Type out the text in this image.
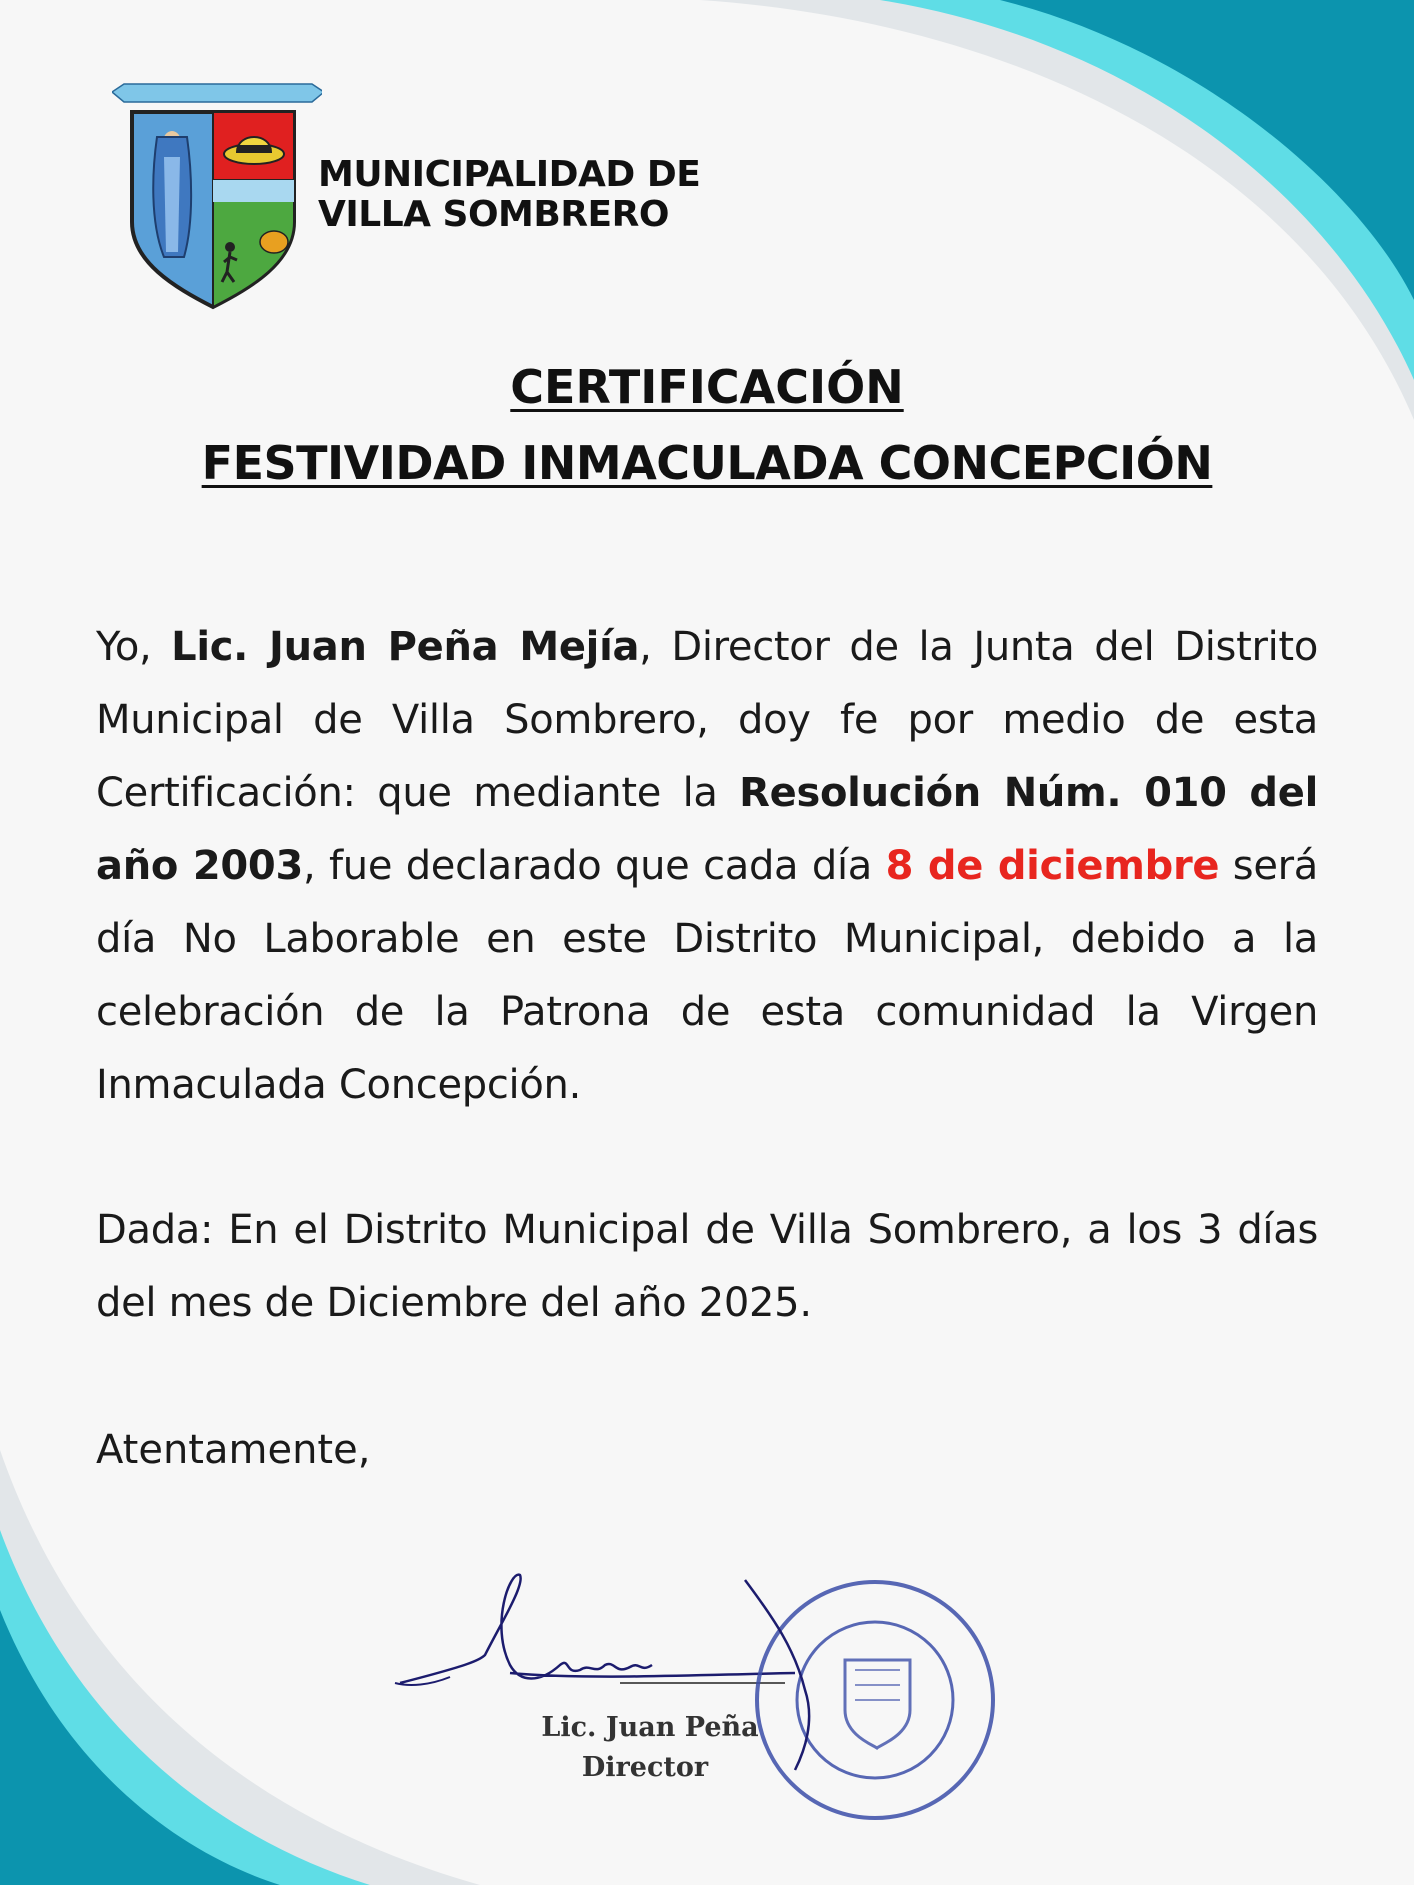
MUNICIPALIDAD DE
VILLA SOMBRERO
CERTIFICACIÓN
FESTIVIDAD INMACULADA CONCEPCIÓN
Yo, Lic. Juan Peña Mejía, Director de la Junta del Distrito Municipal de Villa Sombrero, doy fe por medio de esta Certificación: que mediante la Resolución Núm. 010 del año 2003, fue declarado que cada día 8 de diciembre será día No Laborable en este Distrito Municipal, debido a la celebración de la Patrona de esta comunidad la Virgen Inmaculada Concepción.
Dada: En el Distrito Municipal de Villa Sombrero, a los 3 días del mes de Diciembre del año 2025.
Atentamente,
Lic. Juan Peña
Director
